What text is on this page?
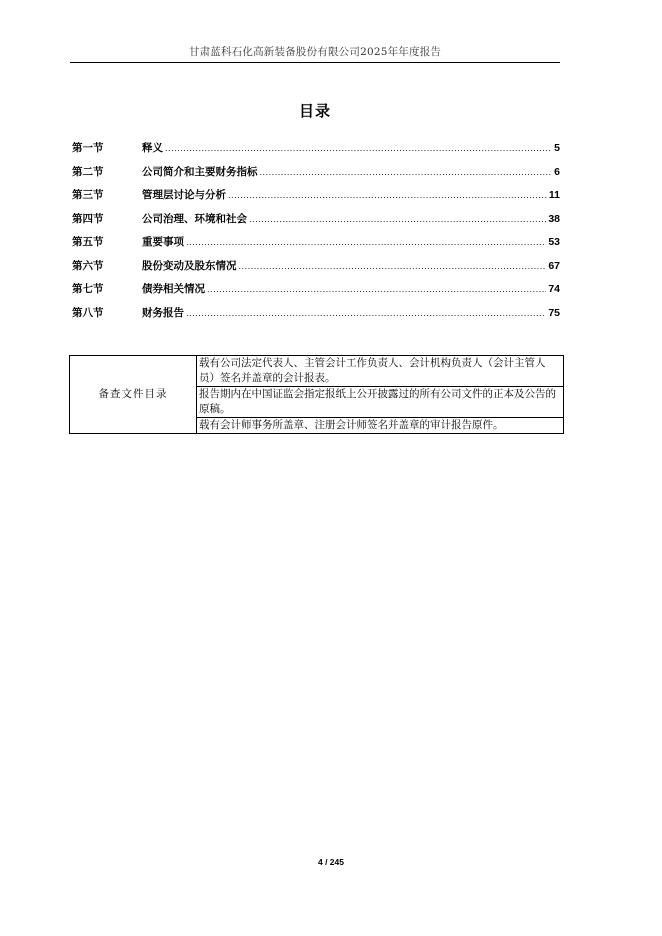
甘肃蓝科石化高新装备股份有限公司2025年年度报告
目录
第一节	释义 .....	5
第二节	公司简介和主要财务指标 .....	6
第三节	管理层讨论与分析 .....	11
第四节	公司治理、环境和社会 .....	38
第五节	重要事项 .....	53
第六节	股份变动及股东情况 .....	67
第七节	债券相关情况 .....	74
第八节	财务报告 .....	75
备查文件目录	载有公司法定代表人、主管会计工作负责人、会计机构负责人（会计主管人员）签名并盖章的会计报表。
报告期内在中国证监会指定报纸上公开披露过的所有公司文件的正本及公告的原稿。
载有会计师事务所盖章、注册会计师签名并盖章的审计报告原件。
4 / 245
